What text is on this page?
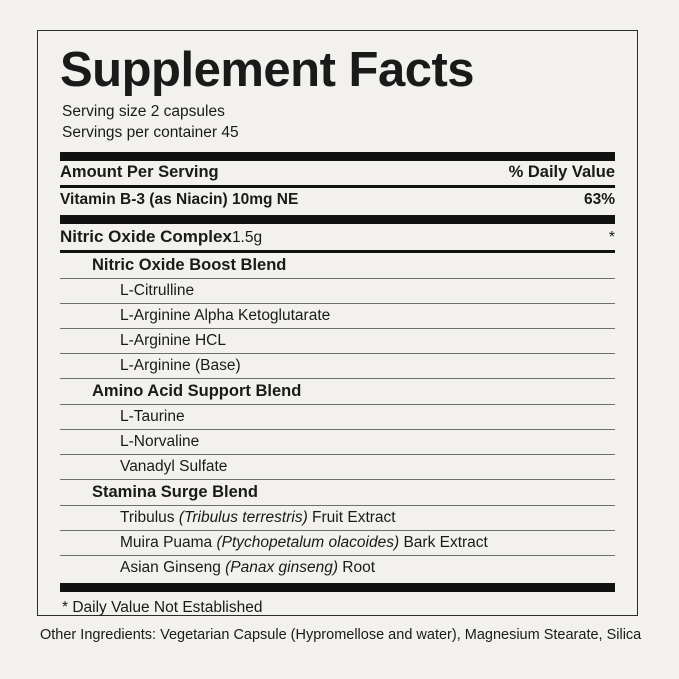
Supplement Facts
Serving size 2 capsules
Servings per container 45
Amount Per Serving	% Daily Value
Vitamin B-3 (as Niacin) 10mg NE	63%
Nitric Oxide Complex1.5g	*
Nitric Oxide Boost Blend
L-Citrulline
L-Arginine Alpha Ketoglutarate
L-Arginine HCL
L-Arginine (Base)
Amino Acid Support Blend
L-Taurine
L-Norvaline
Vanadyl Sulfate
Stamina Surge Blend
Tribulus (Tribulus terrestris) Fruit Extract
Muira Puama (Ptychopetalum olacoides) Bark Extract
Asian Ginseng (Panax ginseng) Root
* Daily Value Not Established
Other Ingredients: Vegetarian Capsule (Hypromellose and water), Magnesium Stearate, Silica
